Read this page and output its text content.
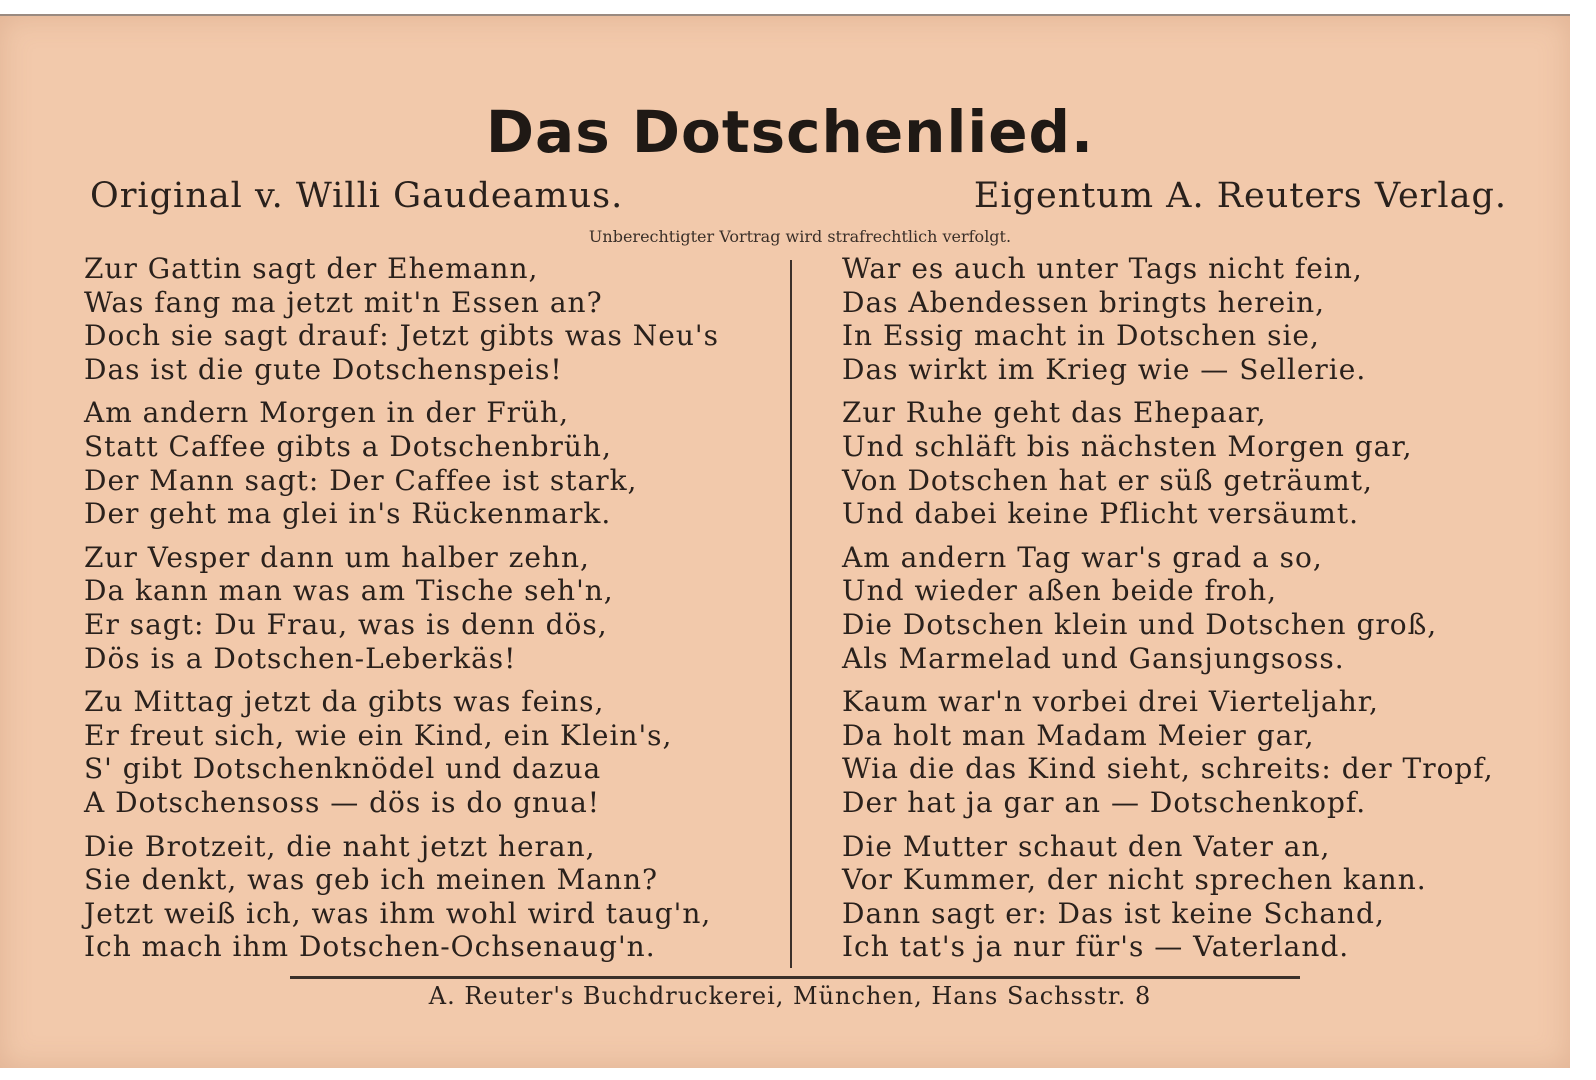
Das Dotschenlied.
Original v. Willi Gaudeamus.	Eigentum A. Reuters Verlag.
Unberechtigter Vortrag wird strafrechtlich verfolgt.
Zur Gattin sagt der Ehemann,
Was fang ma jetzt mit'n Essen an?
Doch sie sagt drauf: Jetzt gibts was Neu's
Das ist die gute Dotschenspeis!
Am andern Morgen in der Früh,
Statt Caffee gibts a Dotschenbrüh,
Der Mann sagt: Der Caffee ist stark,
Der geht ma glei in's Rückenmark.
Zur Vesper dann um halber zehn,
Da kann man was am Tische seh'n,
Er sagt: Du Frau, was is denn dös,
Dös is a Dotschen-Leberkäs!
Zu Mittag jetzt da gibts was feins,
Er freut sich, wie ein Kind, ein Klein's,
S' gibt Dotschenknödel und dazua
A Dotschensoss — dös is do gnua!
Die Brotzeit, die naht jetzt heran,
Sie denkt, was geb ich meinen Mann?
Jetzt weiß ich, was ihm wohl wird taug'n,
Ich mach ihm Dotschen-Ochsenaug'n.
War es auch unter Tags nicht fein,
Das Abendessen bringts herein,
In Essig macht in Dotschen sie,
Das wirkt im Krieg wie — Sellerie.
Zur Ruhe geht das Ehepaar,
Und schläft bis nächsten Morgen gar,
Von Dotschen hat er süß geträumt,
Und dabei keine Pflicht versäumt.
Am andern Tag war's grad a so,
Und wieder aßen beide froh,
Die Dotschen klein und Dotschen groß,
Als Marmelad und Gansjungsoss.
Kaum war'n vorbei drei Vierteljahr,
Da holt man Madam Meier gar,
Wia die das Kind sieht, schreits: der Tropf,
Der hat ja gar an — Dotschenkopf.
Die Mutter schaut den Vater an,
Vor Kummer, der nicht sprechen kann.
Dann sagt er: Das ist keine Schand,
Ich tat's ja nur für's — Vaterland.
A. Reuter's Buchdruckerei, München, Hans Sachsstr. 8
